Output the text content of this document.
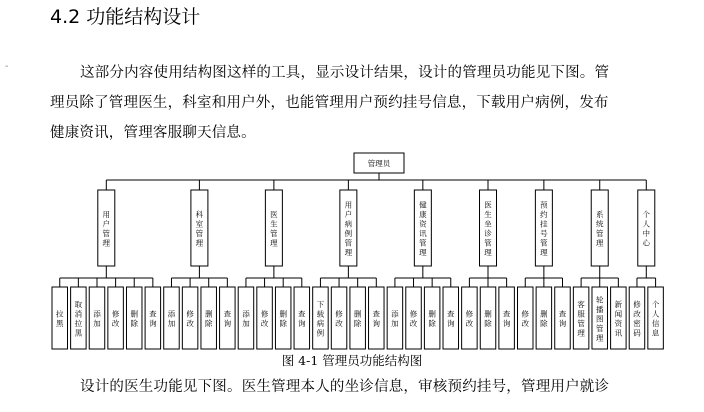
4.2 功能结构设计
-	这部分内容使用结构图这样的工具，显示设计结果，设计的管理员功能见下图。管

理员除了管理医生，科室和用户外，也能管理用户预约挂号信息，下载用户病例，发布

健康资讯，管理客服聊天信息。

管理员
用户管理
拉黑
取消拉黑
添加
修改
删除
查询
科室管理
添加
修改
删除
查询
医生管理
添加
修改
删除
查询
用户病例管理
下载病例
修改
删除
查询
健康资讯管理
添加
修改
删除
查询
医生坐诊管理
修改
删除
查询
预约挂号管理
修改
删除
查询
系统管理
客服管理
轮播图管理
新闻资讯
个人中心
修改密码
个人信息
图 4-1 管理员功能结构图

设计的医生功能见下图。医生管理本人的坐诊信息，审核预约挂号，管理用户就诊
